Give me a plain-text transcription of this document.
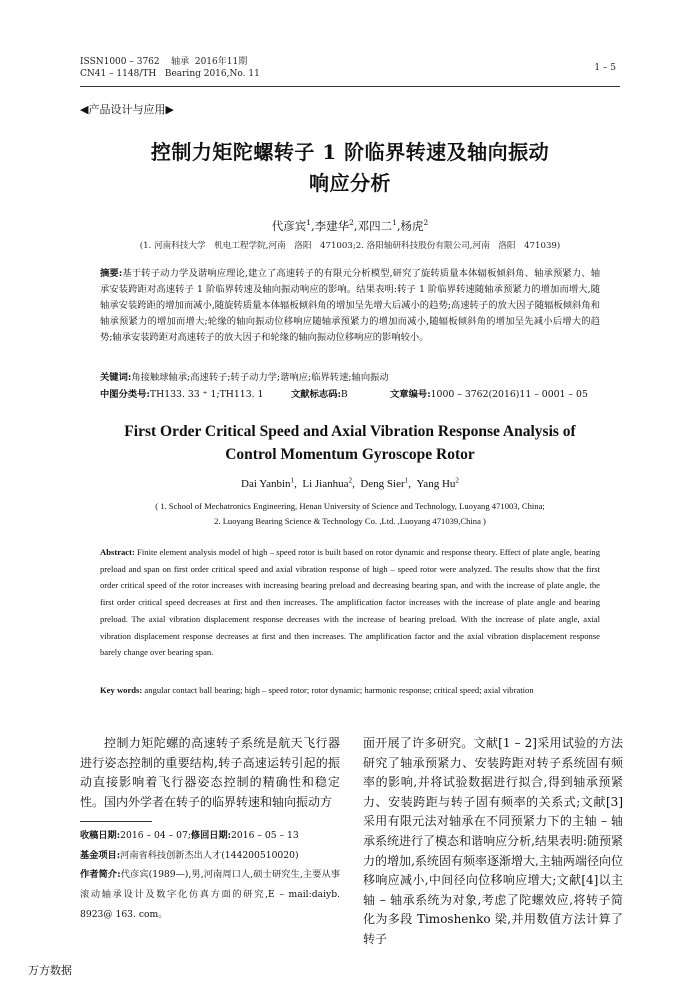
ISSN1000 – 3762 轴承 2016年11期
CN41 – 1148/TH Bearing 2016,No. 11
1 – 5
◀产品设计与应用▶
控制力矩陀螺转子 1 阶临界转速及轴向振动
响应分析
代彦宾$^1$,李建华$^2$,邓四二$^1$,杨虎$^2$
(1. 河南科技大学　机电工程学院,河南　洛阳　471003;2. 洛阳轴研科技股份有限公司,河南　洛阳　471039)
摘要:基于转子动力学及谐响应理论,建立了高速转子的有限元分析模型,研究了旋转质量本体辐板倾斜角、轴承预紧力、轴承安装跨距对高速转子 1 阶临界转速及轴向振动响应的影响。结果表明:转子 1 阶临界转速随轴承预紧力的增加而增大,随轴承安装跨距的增加而减小,随旋转质量本体辐板倾斜角的增加呈先增大后减小的趋势;高速转子的放大因子随辐板倾斜角和轴承预紧力的增加而增大;轮缘的轴向振动位移响应随轴承预紧力的增加而减小,随辐板倾斜角的增加呈先减小后增大的趋势;轴承安装跨距对高速转子的放大因子和轮缘的轴向振动位移响应的影响较小。
关键词:角接触球轴承;高速转子;转子动力学;谐响应;临界转速;轴向振动
中图分类号:TH133. 33 ⁺ 1;TH113. 1	文献标志码:B	文章编号:1000 – 3762(2016)11 – 0001 – 05
First Order Critical Speed and Axial Vibration Response Analysis of
Control Momentum Gyroscope Rotor
Dai Yanbin$^1$,  Li Jianhua$^2$,  Deng Sier$^1$,  Yang Hu$^2$
( 1. School of Mechatronics Engineering, Henan University of Science and Technology, Luoyang 471003, China;
2. Luoyang Bearing Science & Technology Co. ,Ltd. ,Luoyang 471039,China )
Abstract: Finite element analysis model of high – speed rotor is built based on rotor dynamic and response theory. Effect of plate angle, bearing preload and span on first order critical speed and axial vibration response of high – speed rotor were analyzed. The results show that the first order critical speed of the rotor increases with increasing bearing preload and decreasing bearing span, and with the increase of plate angle, the first order critical speed decreases at first and then increases. The amplification factor increases with the increase of plate angle and bearing preload. The axial vibration displacement response decreases with the increase of bearing preload. With the increase of plate angle, axial vibration displacement response decreases at first and then increases. The amplification factor and the axial vibration displacement response barely change over bearing span.
Key words: angular contact ball bearing; high – speed rotor; rotor dynamic; harmonic response; critical speed; axial vibration
控制力矩陀螺的高速转子系统是航天飞行器进行姿态控制的重要结构,转子高速运转引起的振动直接影响着飞行器姿态控制的精确性和稳定性。国内外学者在转子的临界转速和轴向振动方
面开展了许多研究。文献[1 – 2]采用试验的方法研究了轴承预紧力、安装跨距对转子系统固有频率的影响,并将试验数据进行拟合,得到轴承预紧力、安装跨距与转子固有频率的关系式;文献[3]采用有限元法对轴承在不同预紧力下的主轴 – 轴承系统进行了模态和谐响应分析,结果表明:随预紧力的增加,系统固有频率逐渐增大,主轴两端径向位移响应减小,中间径向位移响应增大;文献[4]以主轴 – 轴承系统为对象,考虑了陀螺效应,将转子简化为多段 Timoshenko 梁,并用数值方法计算了转子
收稿日期:2016 – 04 – 07;修回日期:2016 – 05 – 13
基金项目:河南省科技创新杰出人才(144200510020)
作者简介:代彦宾(1989—),男,河南周口人,硕士研究生,主要从事滚动轴承设计及数字化仿真方面的研究,E – mail:daiyb. 8923@ 163. com。
万方数据
